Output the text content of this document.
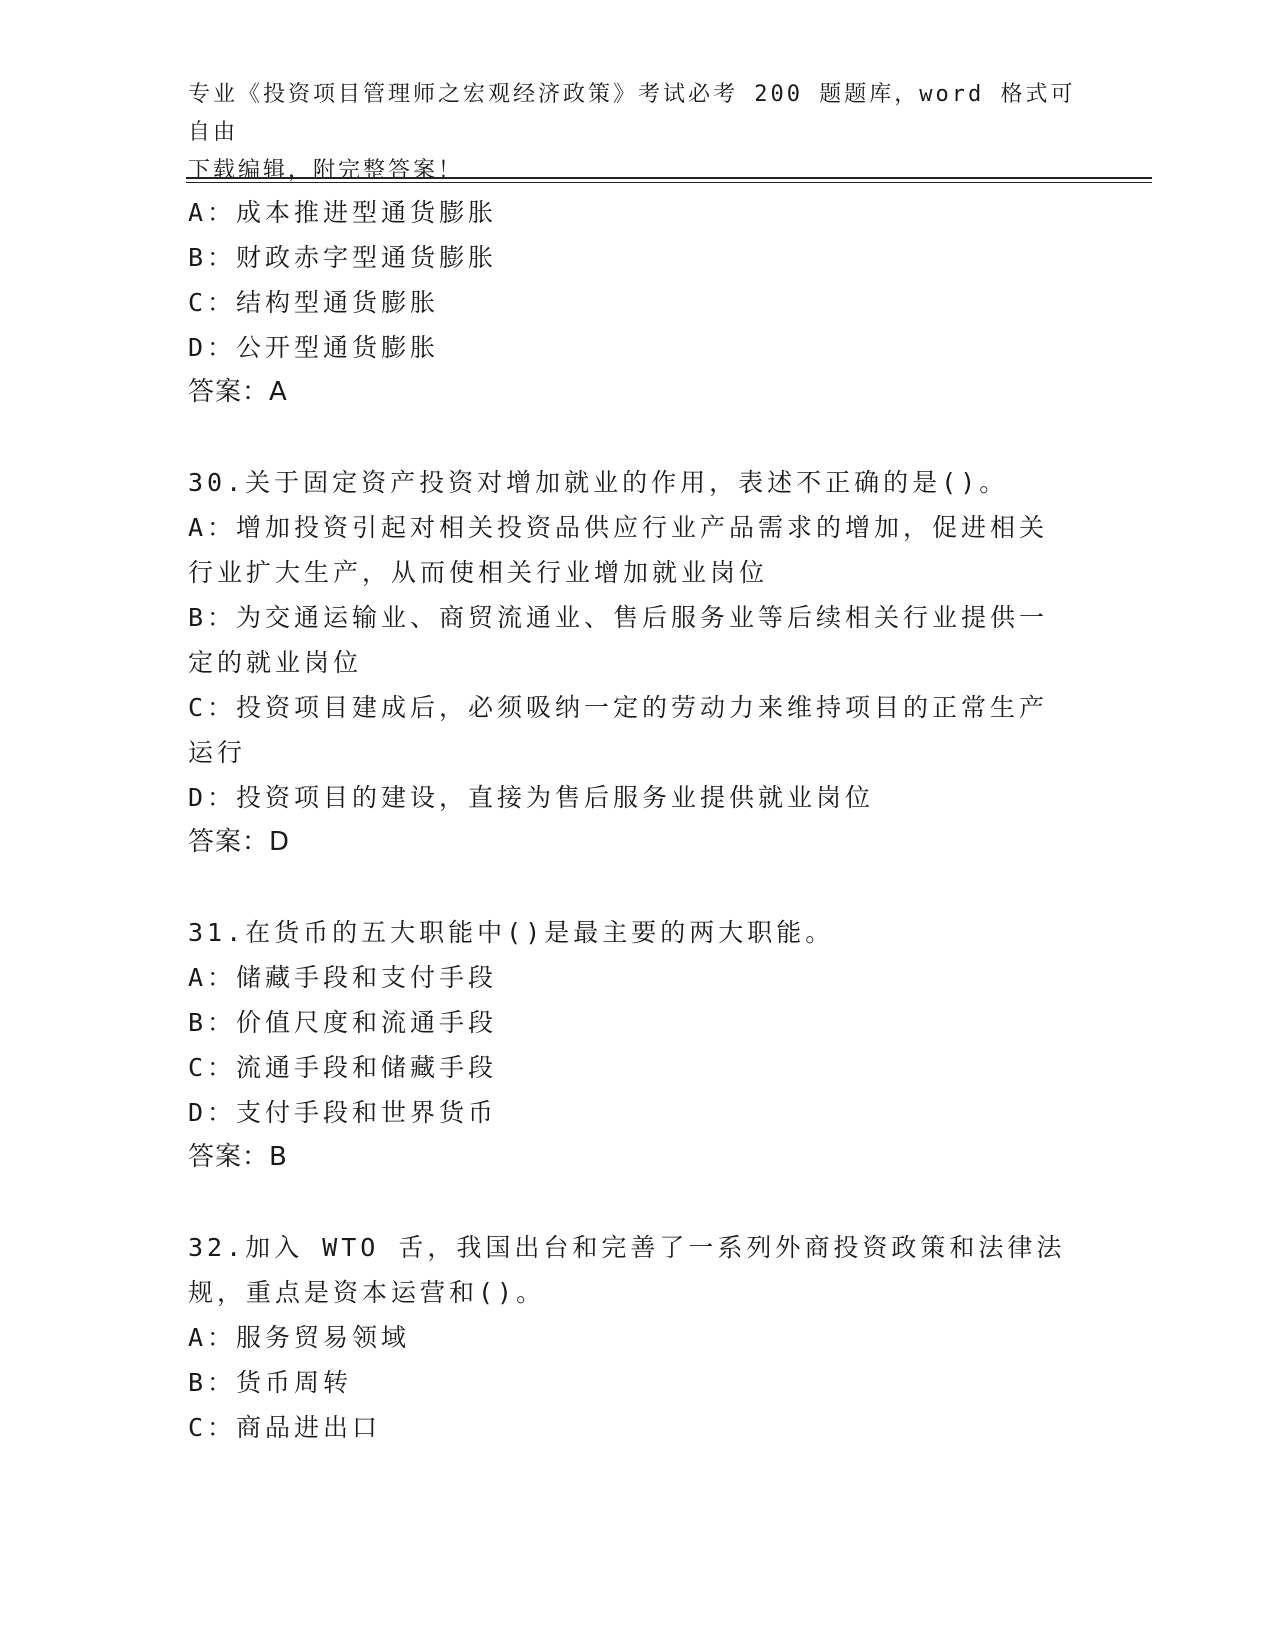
专业《投资项目管理师之宏观经济政策》考试必考 200 题题库，word 格式可自由
下载编辑，附完整答案！
A：成本推进型通货膨胀
B：财政赤字型通货膨胀
C：结构型通货膨胀
D：公开型通货膨胀
答案：A
30.关于固定资产投资对增加就业的作用，表述不正确的是()。
A：增加投资引起对相关投资品供应行业产品需求的增加，促进相关行业扩大生产，从而使相关行业增加就业岗位
B：为交通运输业、商贸流通业、售后服务业等后续相关行业提供一定的就业岗位
C：投资项目建成后，必须吸纳一定的劳动力来维持项目的正常生产运行
D：投资项目的建设，直接为售后服务业提供就业岗位
答案：D
31.在货币的五大职能中()是最主要的两大职能。
A：储藏手段和支付手段
B：价值尺度和流通手段
C：流通手段和储藏手段
D：支付手段和世界货币
答案：B
32.加入 WTO 舌，我国出台和完善了一系列外商投资政策和法律法规，重点是资本运营和()。
A：服务贸易领域
B：货币周转
C：商品进出口
